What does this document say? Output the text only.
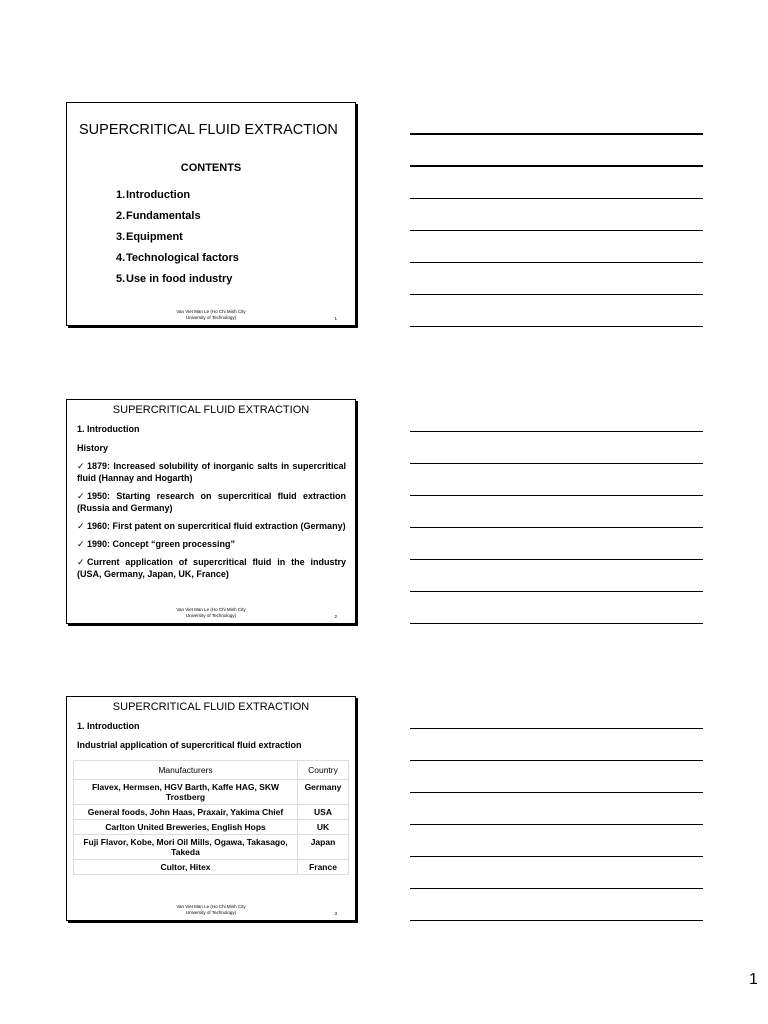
SUPERCRITICAL FLUID EXTRACTION
CONTENTS
1.Introduction
2.Fundamentals
3.Equipment
4.Technological factors
5.Use in food industry
Van Viet Man Le (Ho Chi Minh City
University of Technology)	1
SUPERCRITICAL FLUID EXTRACTION
1. Introduction
History

✓ 1879: Increased solubility of inorganic salts in supercritical fluid (Hannay and Hogarth)

✓ 1950: Starting research on supercritical fluid extraction (Russia and Germany)

✓ 1960: First patent on supercritical fluid extraction (Germany)

✓ 1990: Concept “green processing”

✓ Current application of supercritical fluid in the industry (USA, Germany, Japan, UK, France)

Van Viet Man Le (Ho Chi Minh City
University of Technology)	2
SUPERCRITICAL FLUID EXTRACTION
1. Introduction
Industrial application of supercritical fluid extraction
Manufacturers	Country
Flavex, Hermsen, HGV Barth, Kaffe HAG, SKW Trostberg	Germany
General foods, John Haas, Praxair, Yakima Chief	USA
Carlton United Breweries, English Hops	UK
Fuji Flavor, Kobe, Mori Oil Mills, Ogawa, Takasago, Takeda	Japan
Cultor, Hitex	France
Van Viet Man Le (Ho Chi Minh City
University of Technology)	3
1
